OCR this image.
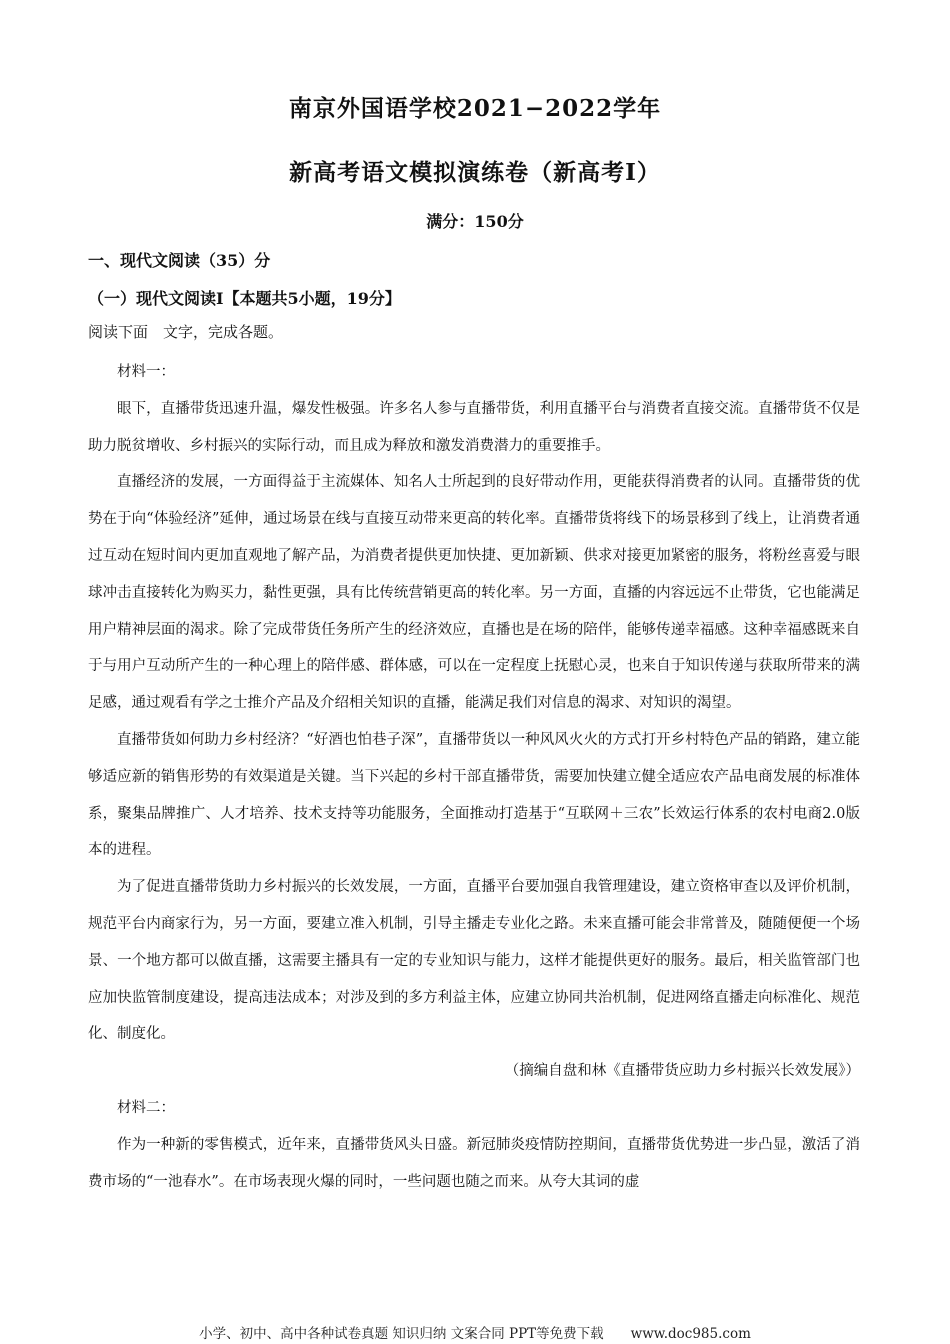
南京外国语学校2021−2022学年
新高考语文模拟演练卷（新高考Ⅰ）
满分：150分
一、现代文阅读（35）分
（一）现代文阅读Ⅰ【本题共5小题，19分】
阅读下面　文字，完成各题。

材料一：

眼下，直播带货迅速升温，爆发性极强。许多名人参与直播带货，利用直播平台与消费者直接交流。直播带货不仅是助力脱贫增收、乡村振兴的实际行动，而且成为释放和激发消费潜力的重要推手。

直播经济的发展，一方面得益于主流媒体、知名人士所起到的良好带动作用，更能获得消费者的认同。直播带货的优势在于向“体验经济”延伸，通过场景在线与直接互动带来更高的转化率。直播带货将线下的场景移到了线上，让消费者通过互动在短时间内更加直观地了解产品，为消费者提供更加快捷、更加新颖、供求对接更加紧密的服务，将粉丝喜爱与眼球冲击直接转化为购买力，黏性更强，具有比传统营销更高的转化率。另一方面，直播的内容远远不止带货，它也能满足用户精神层面的渴求。除了完成带货任务所产生的经济效应，直播也是在场的陪伴，能够传递幸福感。这种幸福感既来自于与用户互动所产生的一种心理上的陪伴感、群体感，可以在一定程度上抚慰心灵，也来自于知识传递与获取所带来的满足感，通过观看有学之士推介产品及介绍相关知识的直播，能满足我们对信息的渴求、对知识的渴望。

直播带货如何助力乡村经济？“好酒也怕巷子深”，直播带货以一种风风火火的方式打开乡村特色产品的销路，建立能够适应新的销售形势的有效渠道是关键。当下兴起的乡村干部直播带货，需要加快建立健全适应农产品电商发展的标准体系，聚集品牌推广、人才培养、技术支持等功能服务，全面推动打造基于“互联网＋三农”长效运行体系的农村电商2.0版本的进程。

为了促进直播带货助力乡村振兴的长效发展，一方面，直播平台要加强自我管理建设，建立资格审查以及评价机制，规范平台内商家行为，另一方面，要建立准入机制，引导主播走专业化之路。未来直播可能会非常普及，随随便便一个场景、一个地方都可以做直播，这需要主播具有一定的专业知识与能力，这样才能提供更好的服务。最后，相关监管部门也应加快监管制度建设，提高违法成本；对涉及到的多方利益主体，应建立协同共治机制，促进网络直播走向标准化、规范化、制度化。

（摘编自盘和林《直播带货应助力乡村振兴长效发展》）

材料二：

作为一种新的零售模式，近年来，直播带货风头日盛。新冠肺炎疫情防控期间，直播带货优势进一步凸显，激活了消费市场的“一池春水”。在市场表现火爆的同时，一些问题也随之而来。从夸大其词的虚

小学、初中、高中各种试卷真题 知识归纳 文案合同 PPT等免费下载　　www.doc985.com
